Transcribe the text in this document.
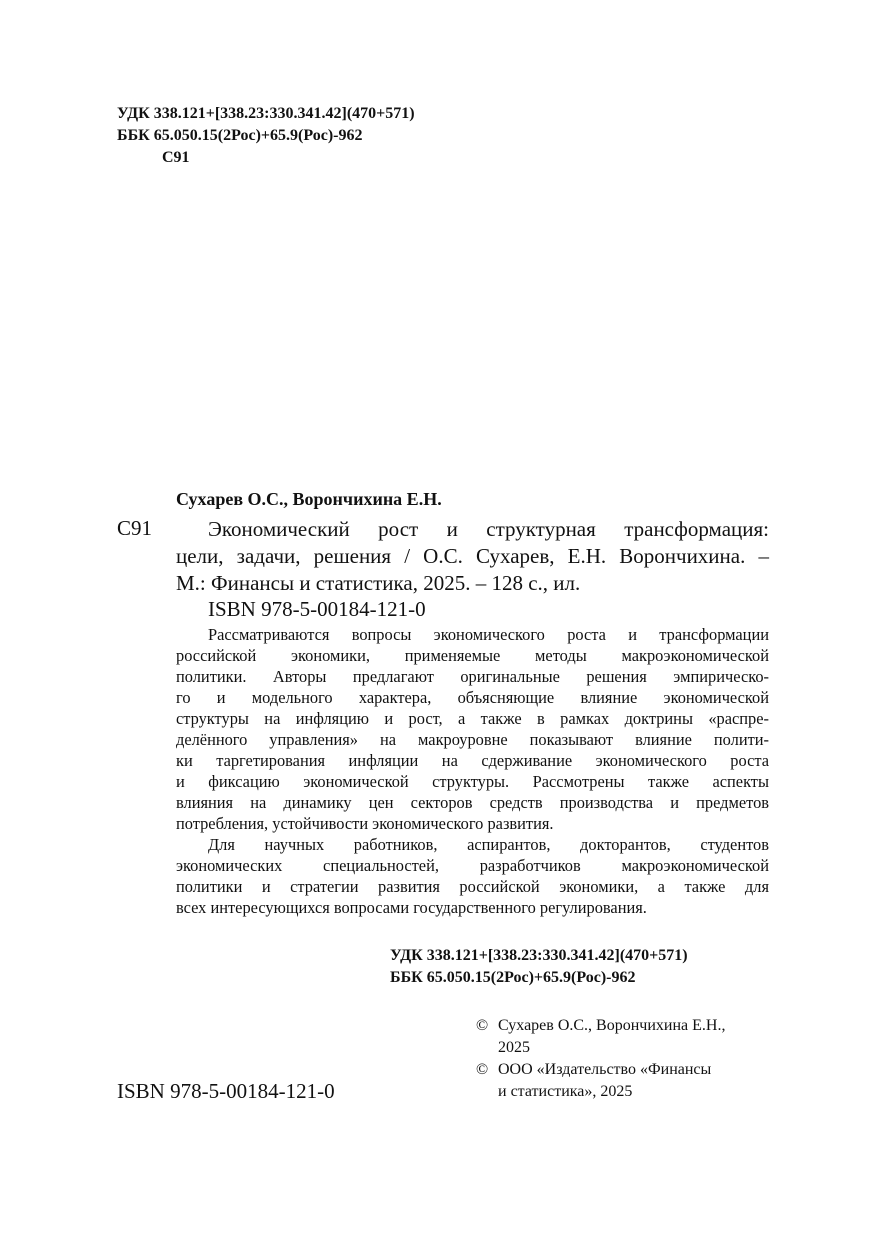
УДК 338.121+[338.23:330.341.42](470+571)
ББК 65.050.15(2Рос)+65.9(Рос)-962
С91
Сухарев О.С., Ворончихина Е.Н.
С91	Экономический рост и структурная трансформация:
цели, задачи, решения / О.С. Сухарев, Е.Н. Ворончихина. –
М.: Финансы и статистика, 2025. – 128 с., ил.
ISBN 978-5-00184-121-0
Рассматриваются вопросы экономического роста и трансформации
российской экономики, применяемые методы макроэкономической
политики. Авторы предлагают оригинальные решения эмпирическо-
го и модельного характера, объясняющие влияние экономической
структуры на инфляцию и рост, а также в рамках доктрины «распре-
делённого управления» на макроуровне показывают влияние полити-
ки таргетирования инфляции на сдерживание экономического роста
и фиксацию экономической структуры. Рассмотрены также аспекты
влияния на динамику цен секторов средств производства и предметов
потребления, устойчивости экономического развития.
Для научных работников, аспирантов, докторантов, студентов
экономических специальностей, разработчиков макроэкономической
политики и стратегии развития российской экономики, а также для
всех интересующихся вопросами государственного регулирования.
УДК 338.121+[338.23:330.341.42](470+571)
ББК 65.050.15(2Рос)+65.9(Рос)-962
© Сухарев О.С., Ворончихина Е.Н.,
2025
© ООО «Издательство «Финансы
и статистика», 2025
ISBN 978-5-00184-121-0
